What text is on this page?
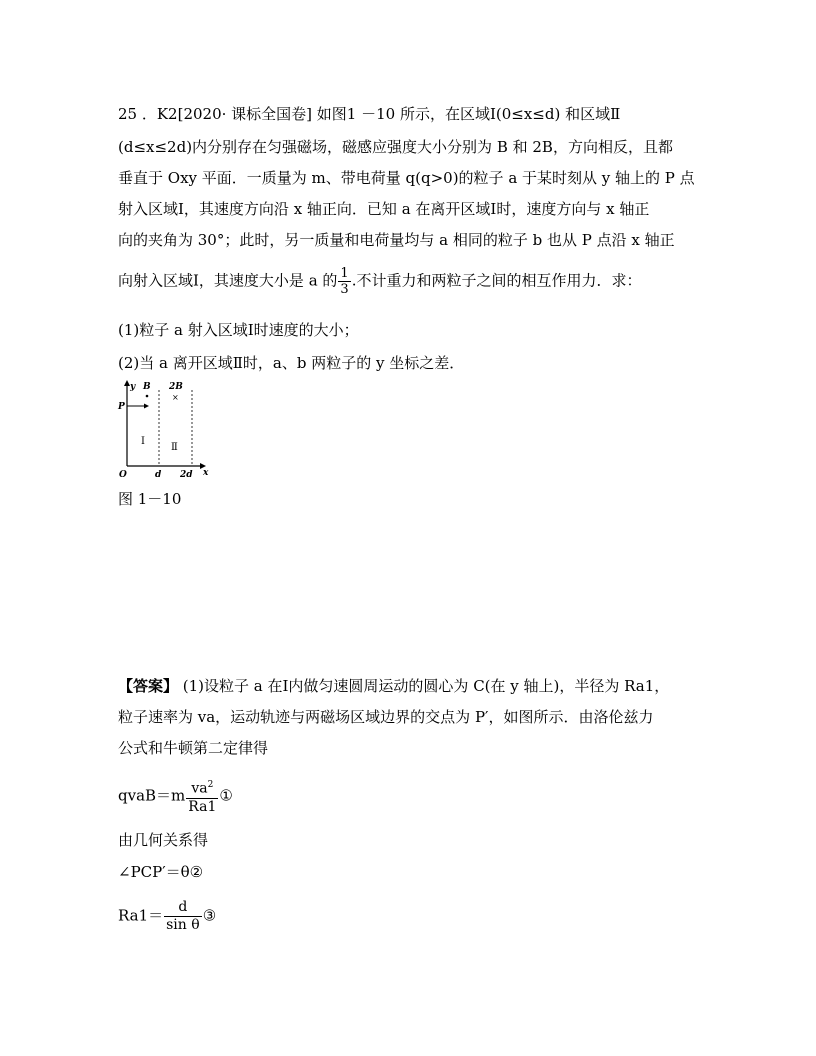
25 ．K2[2020· 课标全国卷] 如图1 －10 所示，在区域Ⅰ(0≤x≤d) 和区域Ⅱ
(d≤x≤2d)内分别存在匀强磁场，磁感应强度大小分别为 B 和 2B，方向相反，且都
垂直于 Oxy 平面．一质量为 m、带电荷量 q(q>0)的粒子 a 于某时刻从 y 轴上的 P 点
射入区域Ⅰ，其速度方向沿 x 轴正向．已知 a 在离开区域Ⅰ时，速度方向与 x 轴正
向的夹角为 30°；此时，另一质量和电荷量均与 a 相同的粒子 b 也从 P 点沿 x 轴正
向射入区域Ⅰ，其速度大小是 a 的 $\frac{1}{3}$ .不计重力和两粒子之间的相互作用力．求：
(1)粒子 a 射入区域Ⅰ时速度的大小；
(2)当 a 离开区域Ⅱ时，a、b 两粒子的 y 坐标之差．
y B 2B
×
P
Ⅰ
Ⅱ
O	d 2d x
图 1－10
【答案】 (1)设粒子 a 在Ⅰ内做匀速圆周运动的圆心为 C(在 y 轴上)，半径为 Ra1，
粒子速率为 va，运动轨迹与两磁场区域边界的交点为 P′，如图所示．由洛伦兹力
公式和牛顿第二定律得
qvaB＝m $\frac{va^2}{Ra1}$ ①
由几何关系得
∠PCP′＝θ②
$Ra1= \frac{d}{\text{sin θ}}$ ③
